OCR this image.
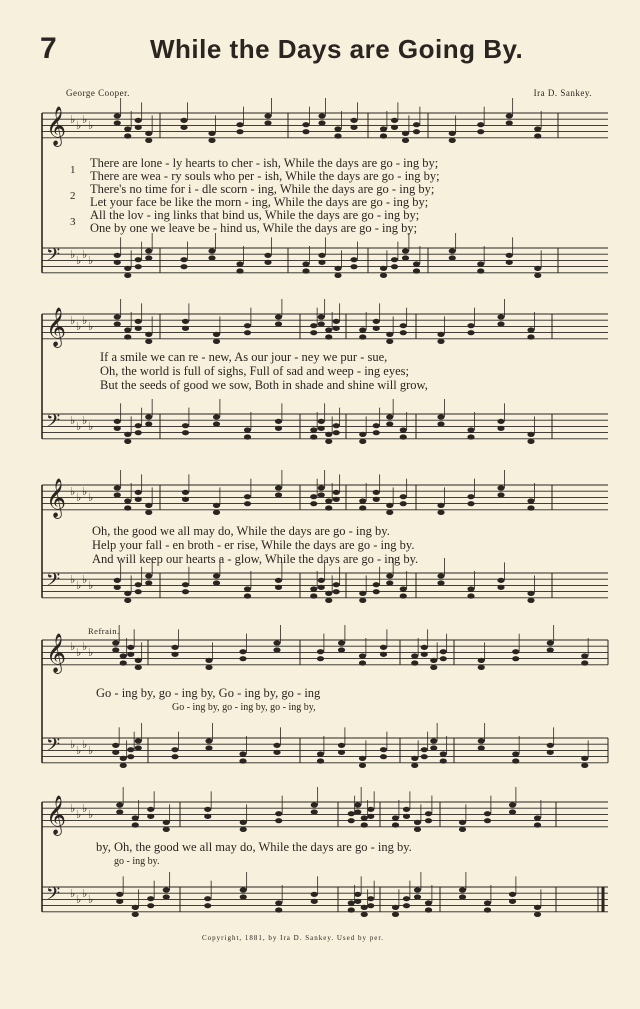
7	While the Days are Going By.
George Cooper.	Ira D. Sankey.
𝄞 ♭ ♭ ♭ ♭
𝄢 ♭ ♭ ♭ ♭
𝄞 ♭ ♭ ♭ ♭
𝄢 ♭ ♭ ♭ ♭
𝄞 ♭ ♭ ♭ ♭
𝄢 ♭ ♭ ♭ ♭
𝄞 ♭ ♭ ♭ ♭
𝄢 ♭ ♭ ♭ ♭
𝄞 ♭ ♭ ♭ ♭
𝄢 ♭ ♭ ♭ ♭
1
2
3
There are lone - ly hearts to cher - ish, While the days are go - ing by;
There are wea - ry souls who per - ish, While the days are go - ing by;
There's no time for i - dle scorn - ing, While the days are go - ing by;
Let your face be like the morn - ing, While the days are go - ing by;
All the lov - ing links that bind us, While the days are go - ing by;
One by one we leave be - hind us, While the days are go - ing by;
If a smile we can re - new, As our jour - ney we pur - sue,
Oh, the world is full of sighs, Full of sad and weep - ing eyes;
But the seeds of good we sow, Both in shade and shine will grow,
Oh, the good we all may do, While the days are go - ing by.
Help your fall - en broth - er rise, While the days are go - ing by.
And will keep our hearts a - glow, While the days are go - ing by.
Refrain.
Go - ing by, go - ing by, Go - ing by, go - ing
Go - ing by, go - ing by, go - ing by,
by, Oh, the good we all may do, While the days are go - ing by.
go - ing by.
Copyright, 1881, by Ira D. Sankey. Used by per.
